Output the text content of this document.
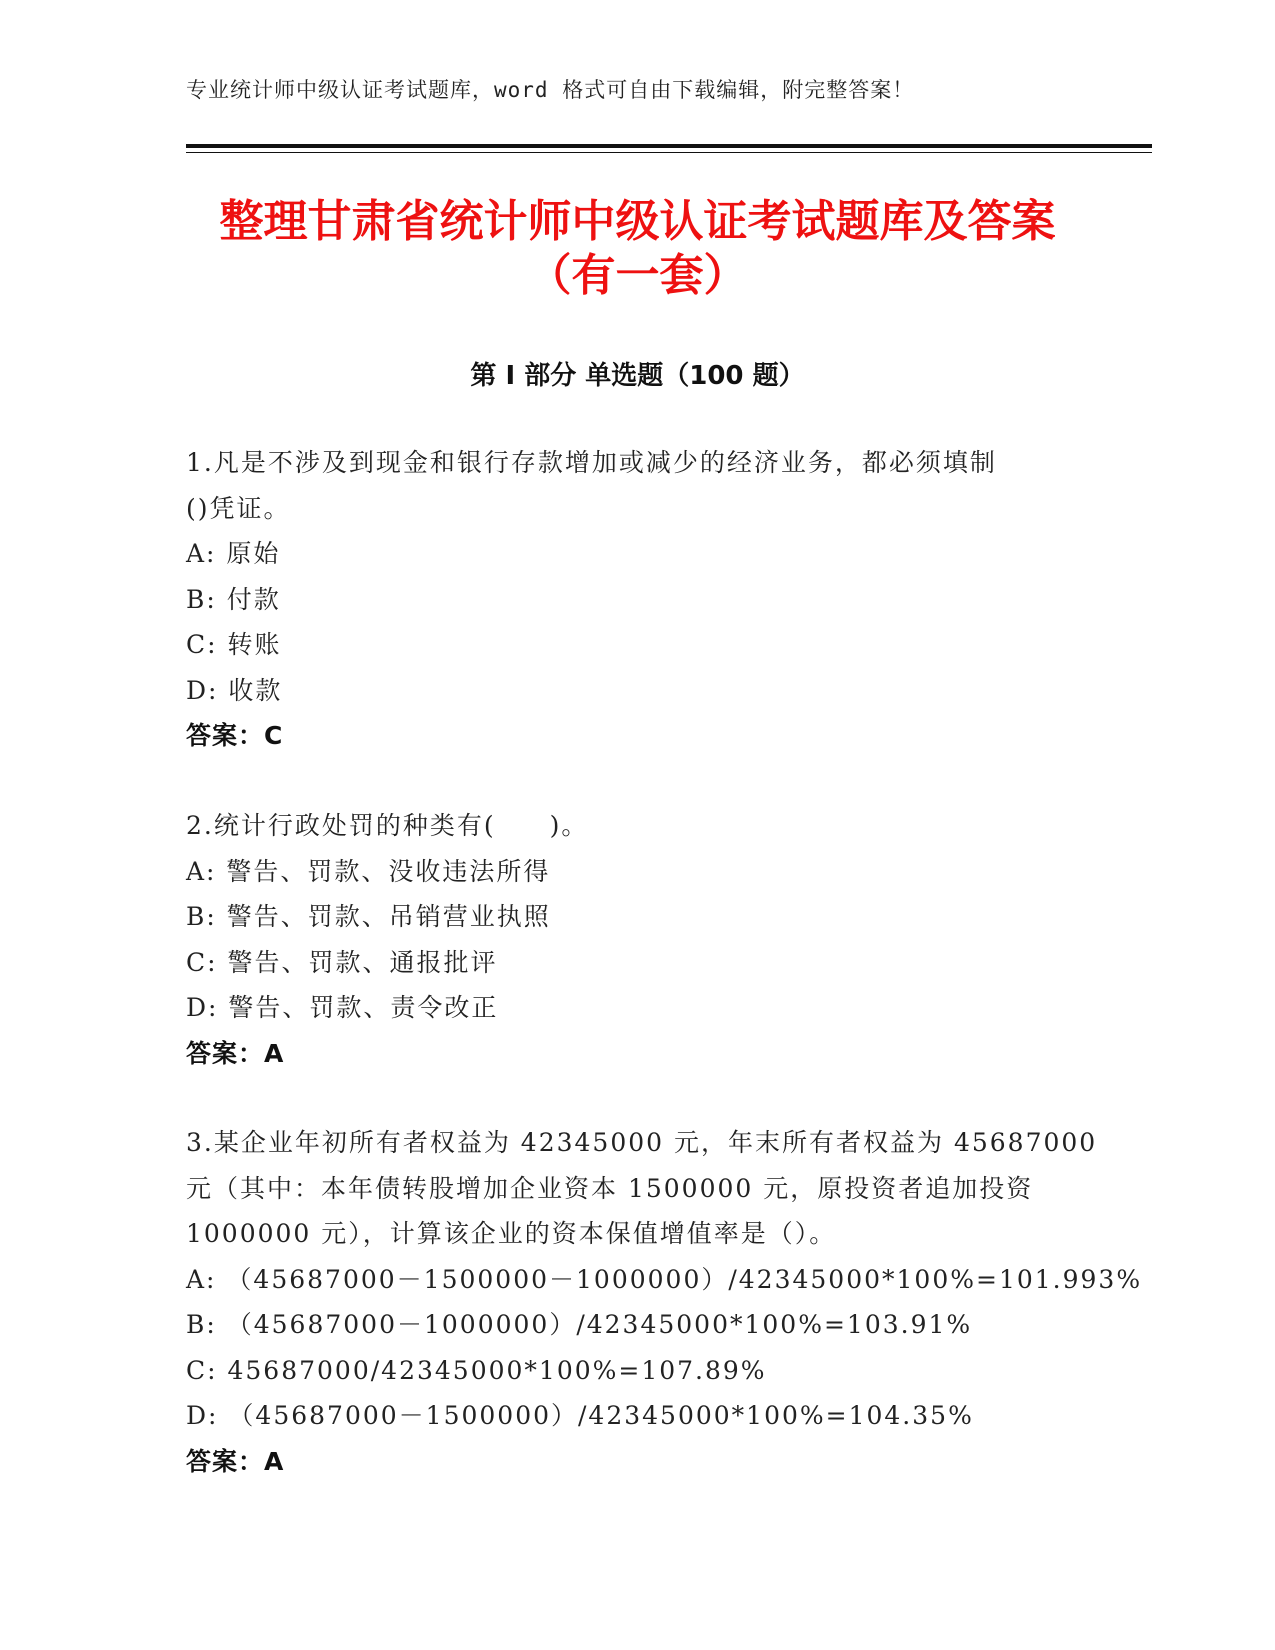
专业统计师中级认证考试题库，word 格式可自由下载编辑，附完整答案！
整理甘肃省统计师中级认证考试题库及答案
（有一套）
第 I 部分 单选题（100 题）
1.凡是不涉及到现金和银行存款增加或减少的经济业务，都必须填制
()凭证。
A: 原始
B: 付款
C: 转账
D: 收款
答案：C
2.统计行政处罚的种类有(　　)。
A: 警告、罚款、没收违法所得
B: 警告、罚款、吊销营业执照
C: 警告、罚款、通报批评
D: 警告、罚款、责令改正
答案：A
3.某企业年初所有者权益为 42345000 元，年末所有者权益为 45687000
元（其中：本年债转股增加企业资本 1500000 元，原投资者追加投资
1000000 元），计算该企业的资本保值增值率是（）。
A: （45687000－1500000－1000000）/42345000*100%=101.993%
B: （45687000－1000000）/42345000*100%=103.91%
C: 45687000/42345000*100%=107.89%
D: （45687000－1500000）/42345000*100%=104.35%
答案：A
